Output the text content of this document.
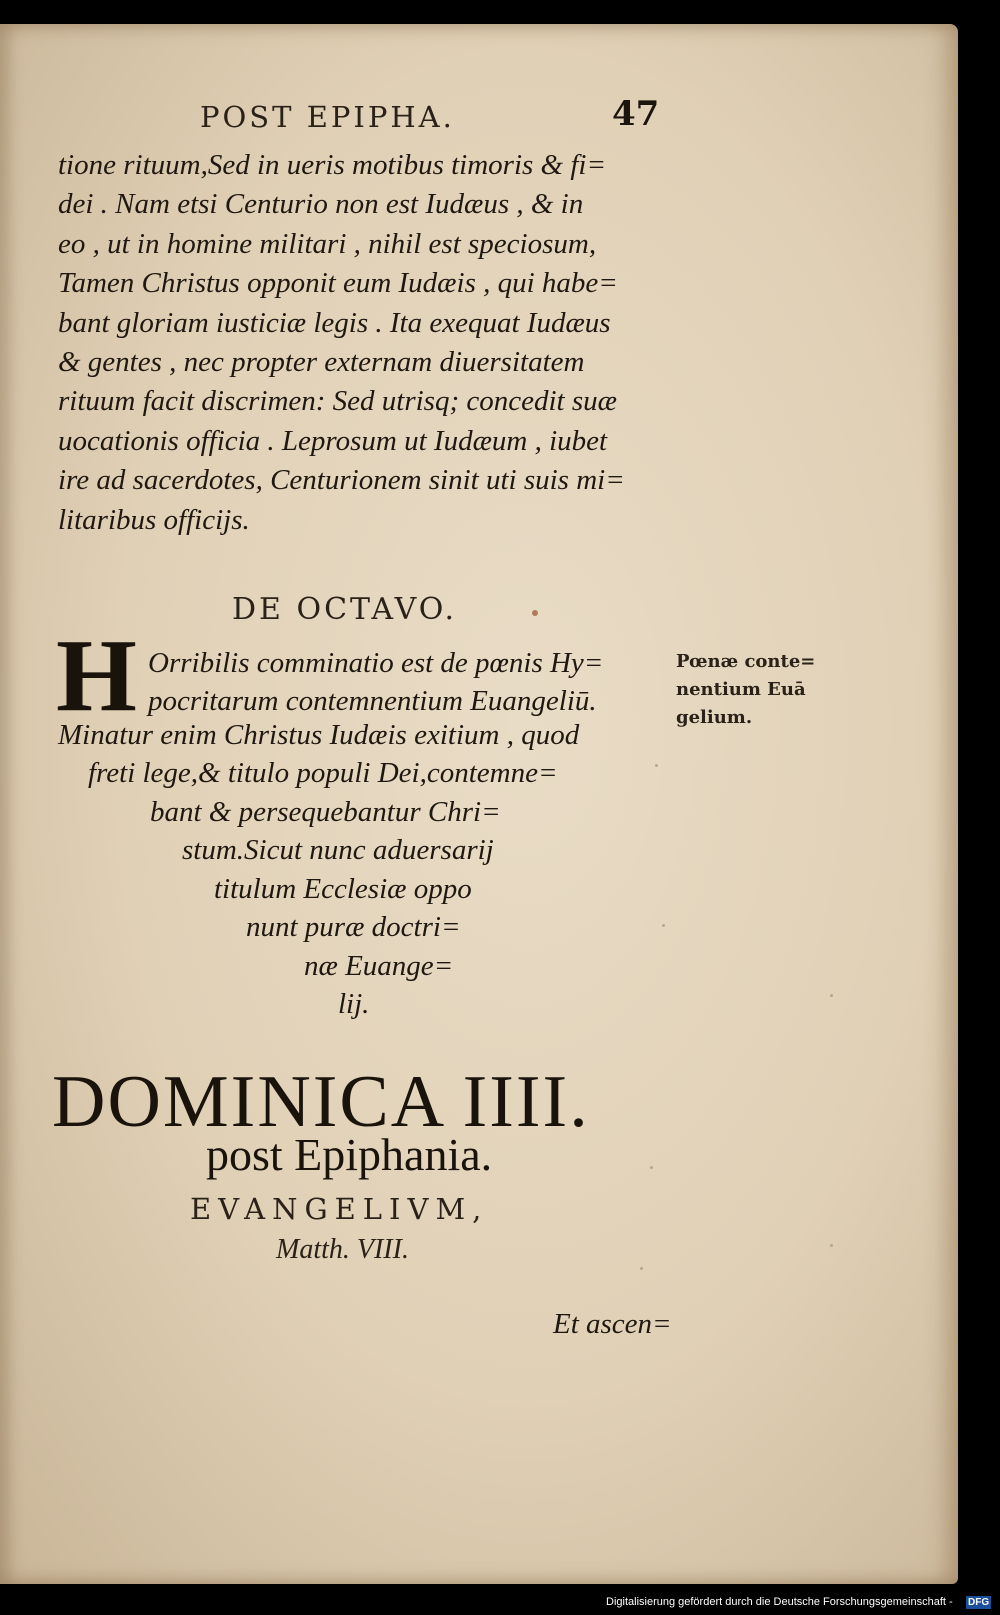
POST EPIPHA.	47
tione rituum,Sed in ueris motibus timoris & fi=
dei . Nam etsi Centurio non est Iudæus , & in
eo , ut in homine militari , nihil est speciosum,
Tamen Christus opponit eum Iudæis , qui habe=
bant gloriam iusticiæ legis . Ita exequat Iudæus
& gentes , nec propter externam diuersitatem
rituum facit discrimen: Sed utrisq; concedit suæ
uocationis officia . Leprosum ut Iudæum , iubet
ire ad sacerdotes, Centurionem sinit uti suis mi=
litaribus officijs.
DE OCTAVO.
H Orribilis comminatio est de pœnis Hy=
pocritarum contemnentium Euangeliū.
Pœnæ conte=
nentium Euā
gelium.
Minatur enim Christus Iudæis exitium , quod
freti lege,& titulo populi Dei,contemne=
bant & persequebantur Chri=
stum.Sicut nunc aduersarij
titulum Ecclesiæ oppo
nunt puræ doctri=
næ Euange=
lij.
DOMINICA IIII.
post Epiphania.
EVANGELIVM,
Matth. VIII.
Et ascen=
Digitalisierung gefördert durch die Deutsche Forschungsgemeinschaft - DFG
